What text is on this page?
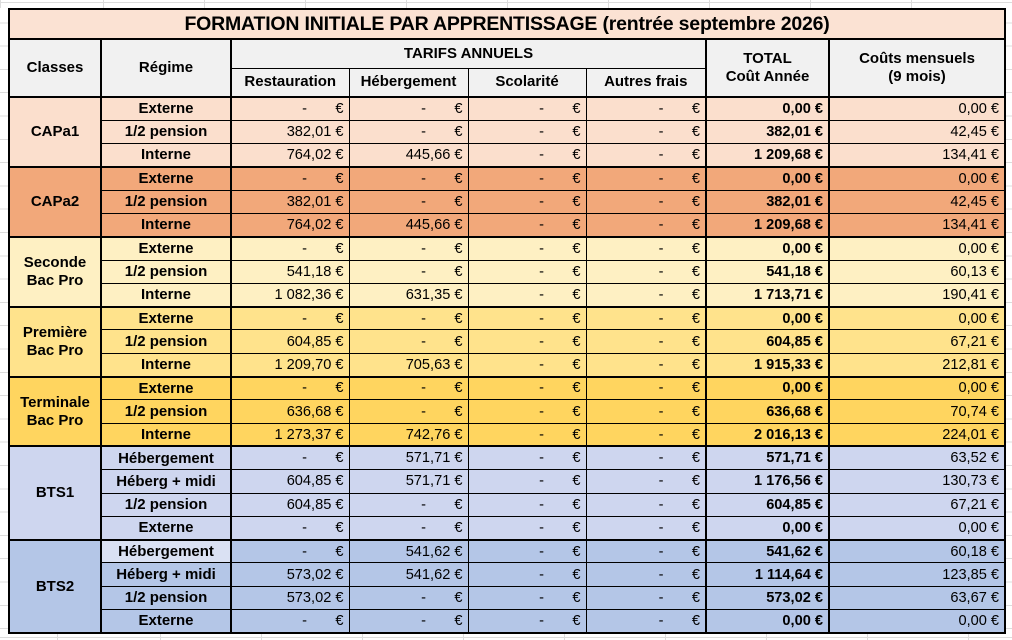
FORMATION INITIALE PAR APPRENTISSAGE (rentrée septembre 2026)							
Classes	Régime	TARIFS ANNUELS	TOTAL
Coût Année

Coûts mensuels
(9 mois)

		Restauration	Hébergement	Scolarité	Autres frais		

CAPa1	Externe	-       €	-       €	-       €	-       €	0,00 €	0,00 €
	1/2 pension	382,01 €	-       €	-       €	-       €	382,01 €	42,45 €
	Interne	764,02 €	445,66 €	-       €	-       €	1 209,68 €	134,41 €

CAPa2	Externe	-       €	-       €	-       €	-       €	0,00 €	0,00 €
	1/2 pension	382,01 €	-       €	-       €	-       €	382,01 €	42,45 €
	Interne	764,02 €	445,66 €	-       €	-       €	1 209,68 €	134,41 €

Seconde
Bac Pro	Externe	-       €	-       €	-       €	-       €	0,00 €	0,00 €
	1/2 pension	541,18 €	-       €	-       €	-       €	541,18 €	60,13 €
	Interne	1 082,36 €	631,35 €	-       €	-       €	1 713,71 €	190,41 €

Première
Bac Pro	Externe	-       €	-       €	-       €	-       €	0,00 €	0,00 €
	1/2 pension	604,85 €	-       €	-       €	-       €	604,85 €	67,21 €
	Interne	1 209,70 €	705,63 €	-       €	-       €	1 915,33 €	212,81 €

Terminale
Bac Pro	Externe	-       €	-       €	-       €	-       €	0,00 €	0,00 €
	1/2 pension	636,68 €	-       €	-       €	-       €	636,68 €	70,74 €
	Interne	1 273,37 €	742,76 €	-       €	-       €	2 016,13 €	224,01 €

BTS1	Hébergement	-       €	571,71 €	-       €	-       €	571,71 €	63,52 €
	Héberg + midi	604,85 €	571,71 €	-       €	-       €	1 176,56 €	130,73 €
	1/2 pension	604,85 €	-       €	-       €	-       €	604,85 €	67,21 €
	Externe	-       €	-       €	-       €	-       €	0,00 €	0,00 €

BTS2	Hébergement	-       €	541,62 €	-       €	-       €	541,62 €	60,18 €
	Héberg + midi	573,02 €	541,62 €	-       €	-       €	1 114,64 €	123,85 €
	1/2 pension	573,02 €	-       €	-       €	-       €	573,02 €	63,67 €
	Externe	-       €	-       €	-       €	-       €	0,00 €	0,00 €
